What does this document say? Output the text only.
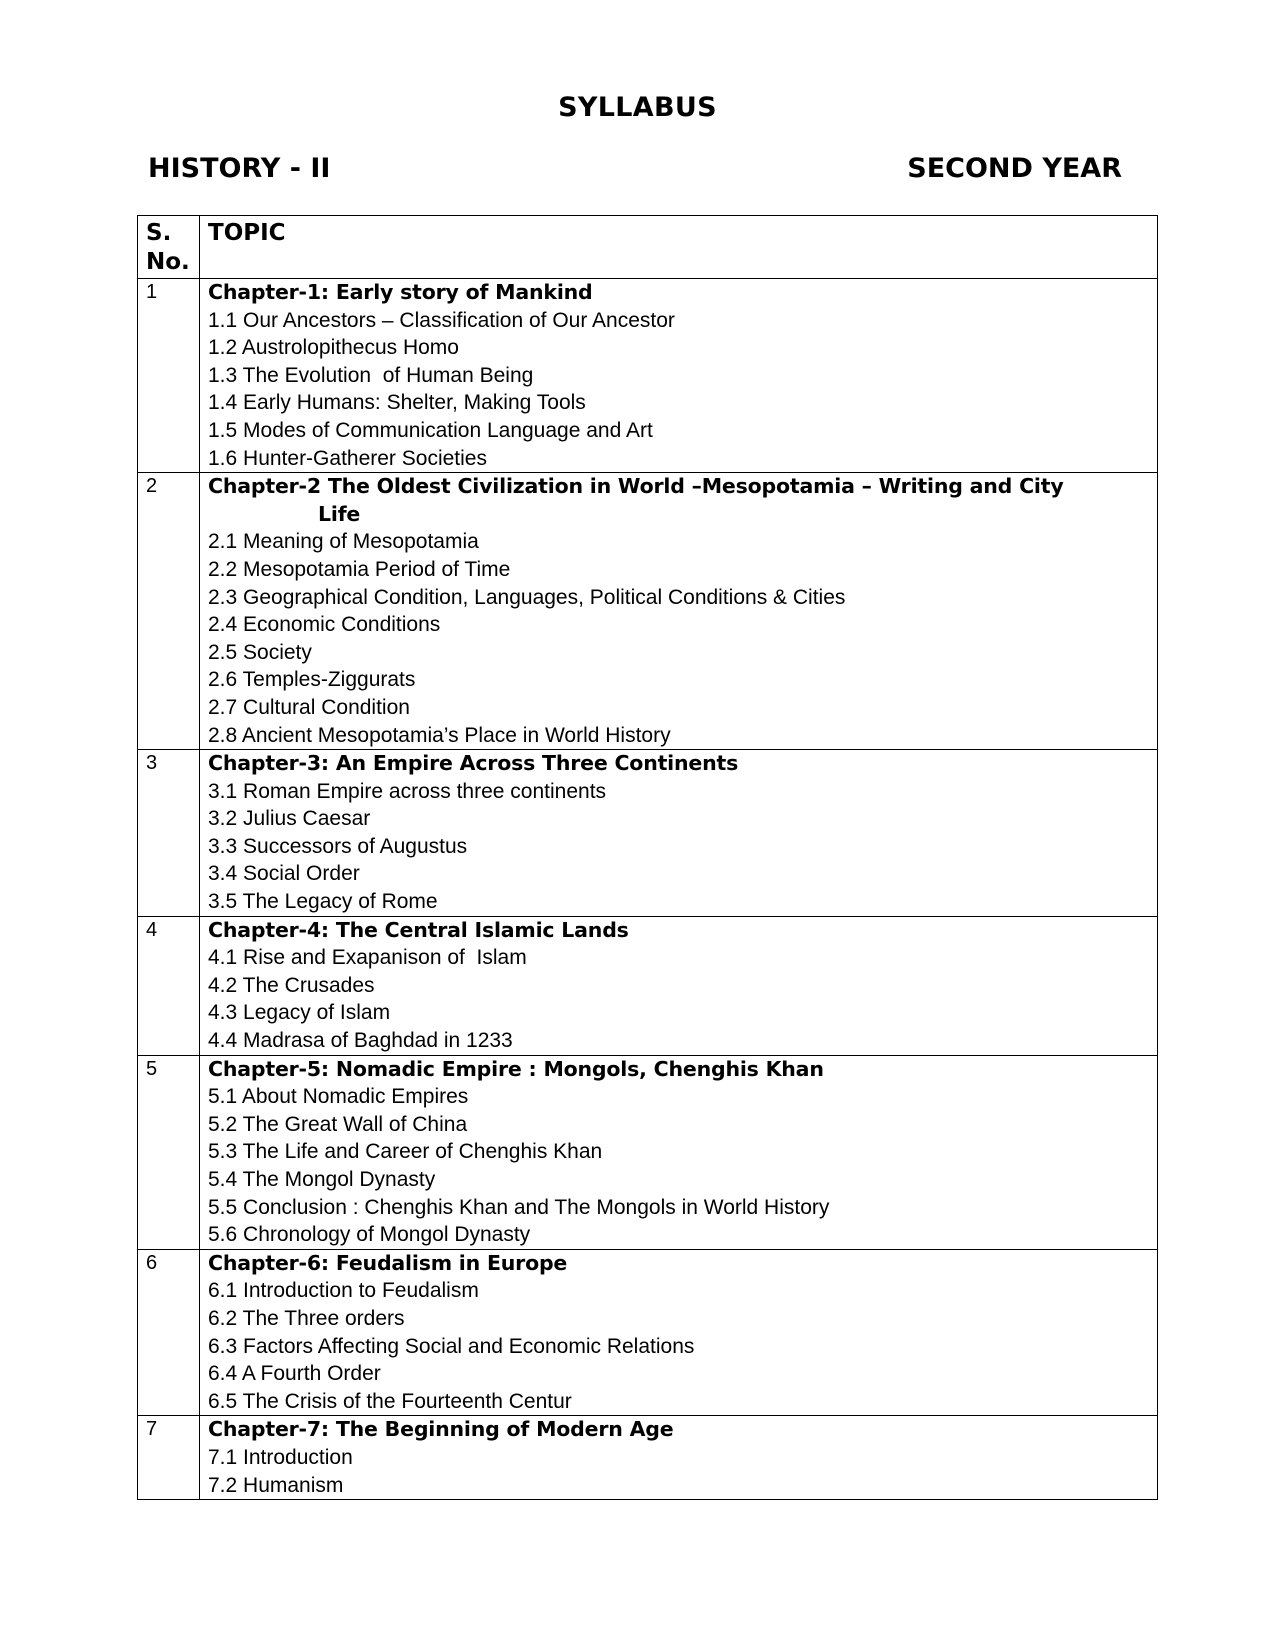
SYLLABUS
HISTORY - II	SECOND YEAR
S.
No.	TOPIC
1	Chapter-1: Early story of Mankind
1.1 Our Ancestors – Classification of Our Ancestor
1.2 Austrolopithecus Homo
1.3 The Evolution  of Human Being
1.4 Early Humans: Shelter, Making Tools
1.5 Modes of Communication Language and Art
1.6 Hunter-Gatherer Societies

2	Chapter-2 The Oldest Civilization in World –Mesopotamia – Writing and City
Life
2.1 Meaning of Mesopotamia
2.2 Mesopotamia Period of Time
2.3 Geographical Condition, Languages, Political Conditions & Cities
2.4 Economic Conditions
2.5 Society
2.6 Temples-Ziggurats
2.7 Cultural Condition
2.8 Ancient Mesopotamia’s Place in World History

3	Chapter-3: An Empire Across Three Continents
3.1 Roman Empire across three continents
3.2 Julius Caesar
3.3 Successors of Augustus
3.4 Social Order
3.5 The Legacy of Rome

4	Chapter-4: The Central Islamic Lands
4.1 Rise and Exapanison of  Islam
4.2 The Crusades
4.3 Legacy of Islam
4.4 Madrasa of Baghdad in 1233

5	Chapter-5: Nomadic Empire : Mongols, Chenghis Khan
5.1 About Nomadic Empires
5.2 The Great Wall of China
5.3 The Life and Career of Chenghis Khan
5.4 The Mongol Dynasty
5.5 Conclusion : Chenghis Khan and The Mongols in World History
5.6 Chronology of Mongol Dynasty

6	Chapter-6: Feudalism in Europe
6.1 Introduction to Feudalism
6.2 The Three orders
6.3 Factors Affecting Social and Economic Relations
6.4 A Fourth Order
6.5 The Crisis of the Fourteenth Centur

7	Chapter-7: The Beginning of Modern Age
7.1 Introduction
7.2 Humanism
